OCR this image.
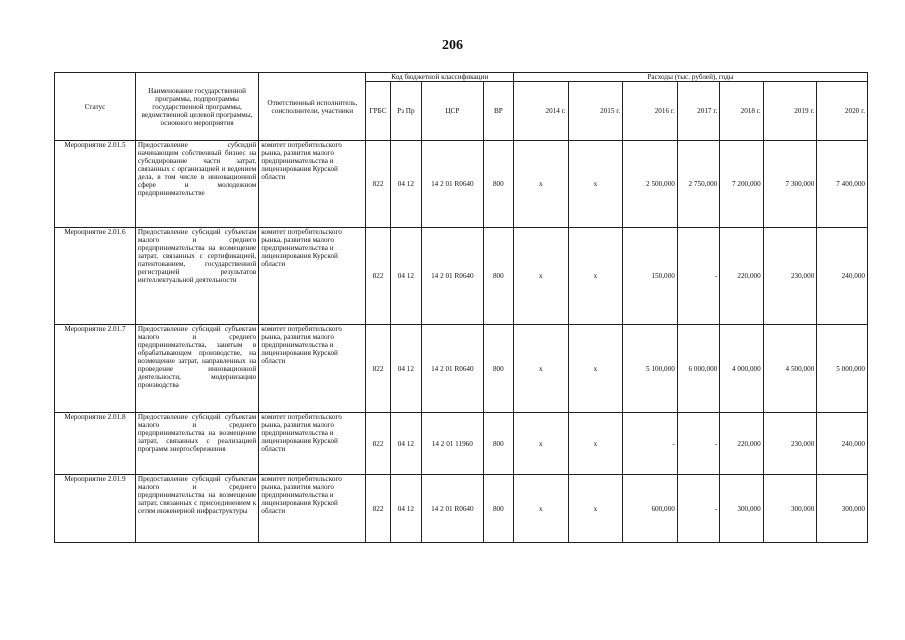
206
Статус	Наименование государственной программы, подпрограммы государственной программы, ведомственной целевой программы, основного мероприятия	Ответственный исполнитель, соисполнители, участники	Код бюджетной классификации				Расходы (тыс. рублей), годы						
			ГРБС	Рз Пр	ЦСР	ВР	2014 г.	2015 г.	2016 г.	2017 г.	2018 г.	2019 г.	2020 г.
Мероприятие 2.01.5	Предоставление субсидий начинающим собственный бизнес на субсидирование части затрат, связанных с организацией и ведением дела, в том числе в инновационной сфере и молодежном предпринимательстве	комитет потребительского рынка, развития малого предпринимательства и лицензирования Курской области	822	04 12	14 2 01 R0640	800	х	х	2 500,000	2 750,000	7 200,000	7 300,000	7 400,000
Мероприятие 2.01.6	Предоставление субсидий субъектам малого и среднего предпринимательства на возмещение затрат, связанных с сертификацией, патентованием, государственной регистрацией результатов интеллектуальной деятельности	комитет потребительского рынка, развития малого предпринимательства и лицензирования Курской области	822	04 12	14 2 01 R0640	800	х	х	150,000	-	220,000	230,000	240,000
Мероприятие 2.01.7	Предоставление субсидий субъектам малого и среднего предпринимательства, занятым в обрабатывающем производстве, на возмещение затрат, направленных на проведение инновационной деятельности, модернизацию производства	комитет потребительского рынка, развития малого предпринимательства и лицензирования Курской области	822	04 12	14 2 01 R0640	800	х	х	5 100,000	6 000,000	4 000,000	4 500,000	5 000,000
Мероприятие 2.01.8	Предоставление субсидий субъектам малого и среднего предпринимательства на возмещение затрат, связанных с реализацией программ энергосбережения	комитет потребительского рынка, развития малого предпринимательства и лицензирования Курской области	822	04 12	14 2 01 11960	800	х	х	-	-	220,000	230,000	240,000
Мероприятие 2.01.9	Предоставление субсидий субъектам малого и среднего предпринимательства на возмещение затрат, связанных с присоединением к сетям инженерной инфраструктуры	комитет потребительского рынка, развития малого предпринимательства и лицензирования Курской области	822	04 12	14 2 01 R0640	800	х	х	600,000	-	300,000	300,000	300,000
